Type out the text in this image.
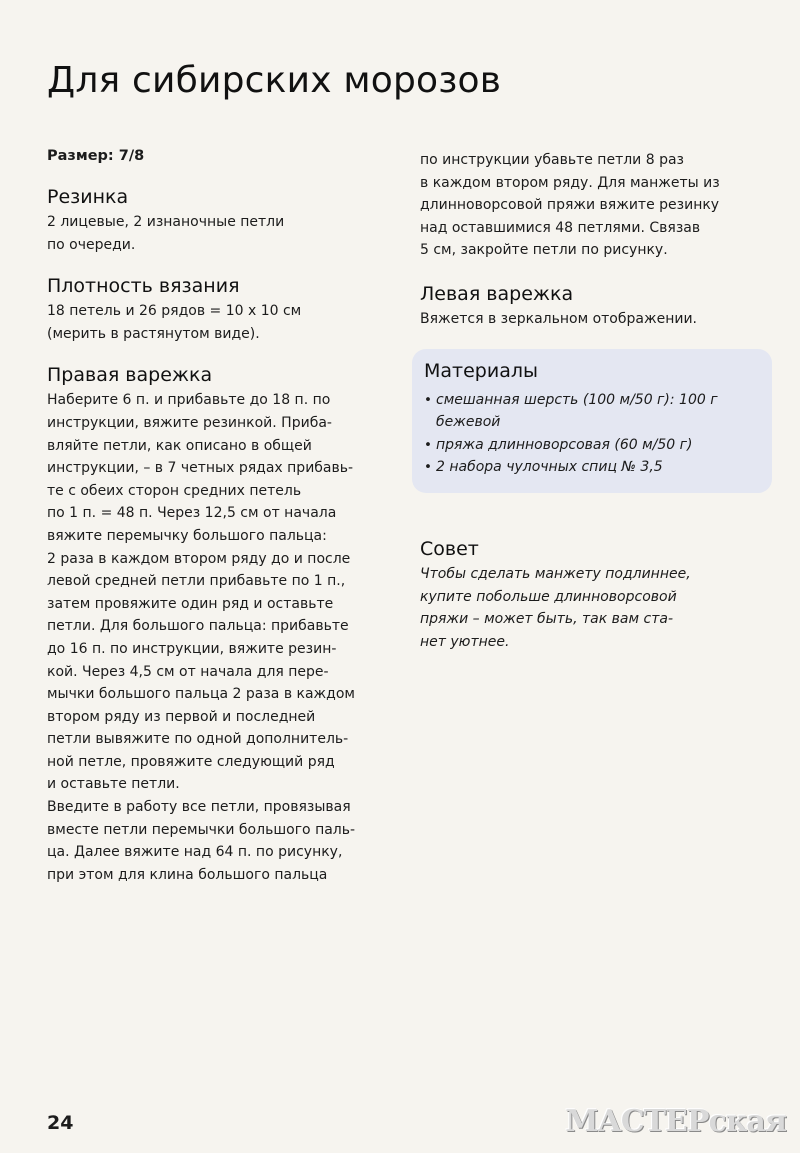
Для сибирских морозов

Размер: 7/8

Резинка

2 лицевые, 2 изнаночные петли
по очереди.

Плотность вязания

18 петель и 26 рядов = 10 х 10 см
(мерить в растянутом виде).

Правая варежка

Наберите 6 п. и прибавьте до 18 п. по
инструкции, вяжите резинкой. Приба-
вляйте петли, как описано в общей
инструкции, – в 7 четных рядах прибавь-
те с обеих сторон средних петель
по 1 п. = 48 п. Через 12,5 см от начала
вяжите перемычку большого пальца:
2 раза в каждом втором ряду до и после
левой средней петли прибавьте по 1 п.,
затем провяжите один ряд и оставьте
петли. Для большого пальца: прибавьте
до 16 п. по инструкции, вяжите резин-
кой. Через 4,5 см от начала для пере-
мычки большого пальца 2 раза в каждом
втором ряду из первой и последней
петли вывяжите по одной дополнитель-
ной петле, провяжите следующий ряд
и оставьте петли.
Введите в работу все петли, провязывая
вместе петли перемычки большого паль-
ца. Далее вяжите над 64 п. по рисунку,
при этом для клина большого пальца

по инструкции убавьте петли 8 раз
в каждом втором ряду. Для манжеты из
длинноворсовой пряжи вяжите резинку
над оставшимися 48 петлями. Связав
5 см, закройте петли по рисунку.

Левая варежка

Вяжется в зеркальном отображении.

Материалы
• смешанная шерсть (100 м/50 г): 100 г
бежевой
• пряжа длинноворсовая (60 м/50 г)
• 2 набора чулочных спиц № 3,5
Совет

Чтобы сделать манжету подлиннее,
купите побольше длинноворсовой
пряжи – может быть, так вам ста-
нет уютнее.

24	МАСТЕРская
